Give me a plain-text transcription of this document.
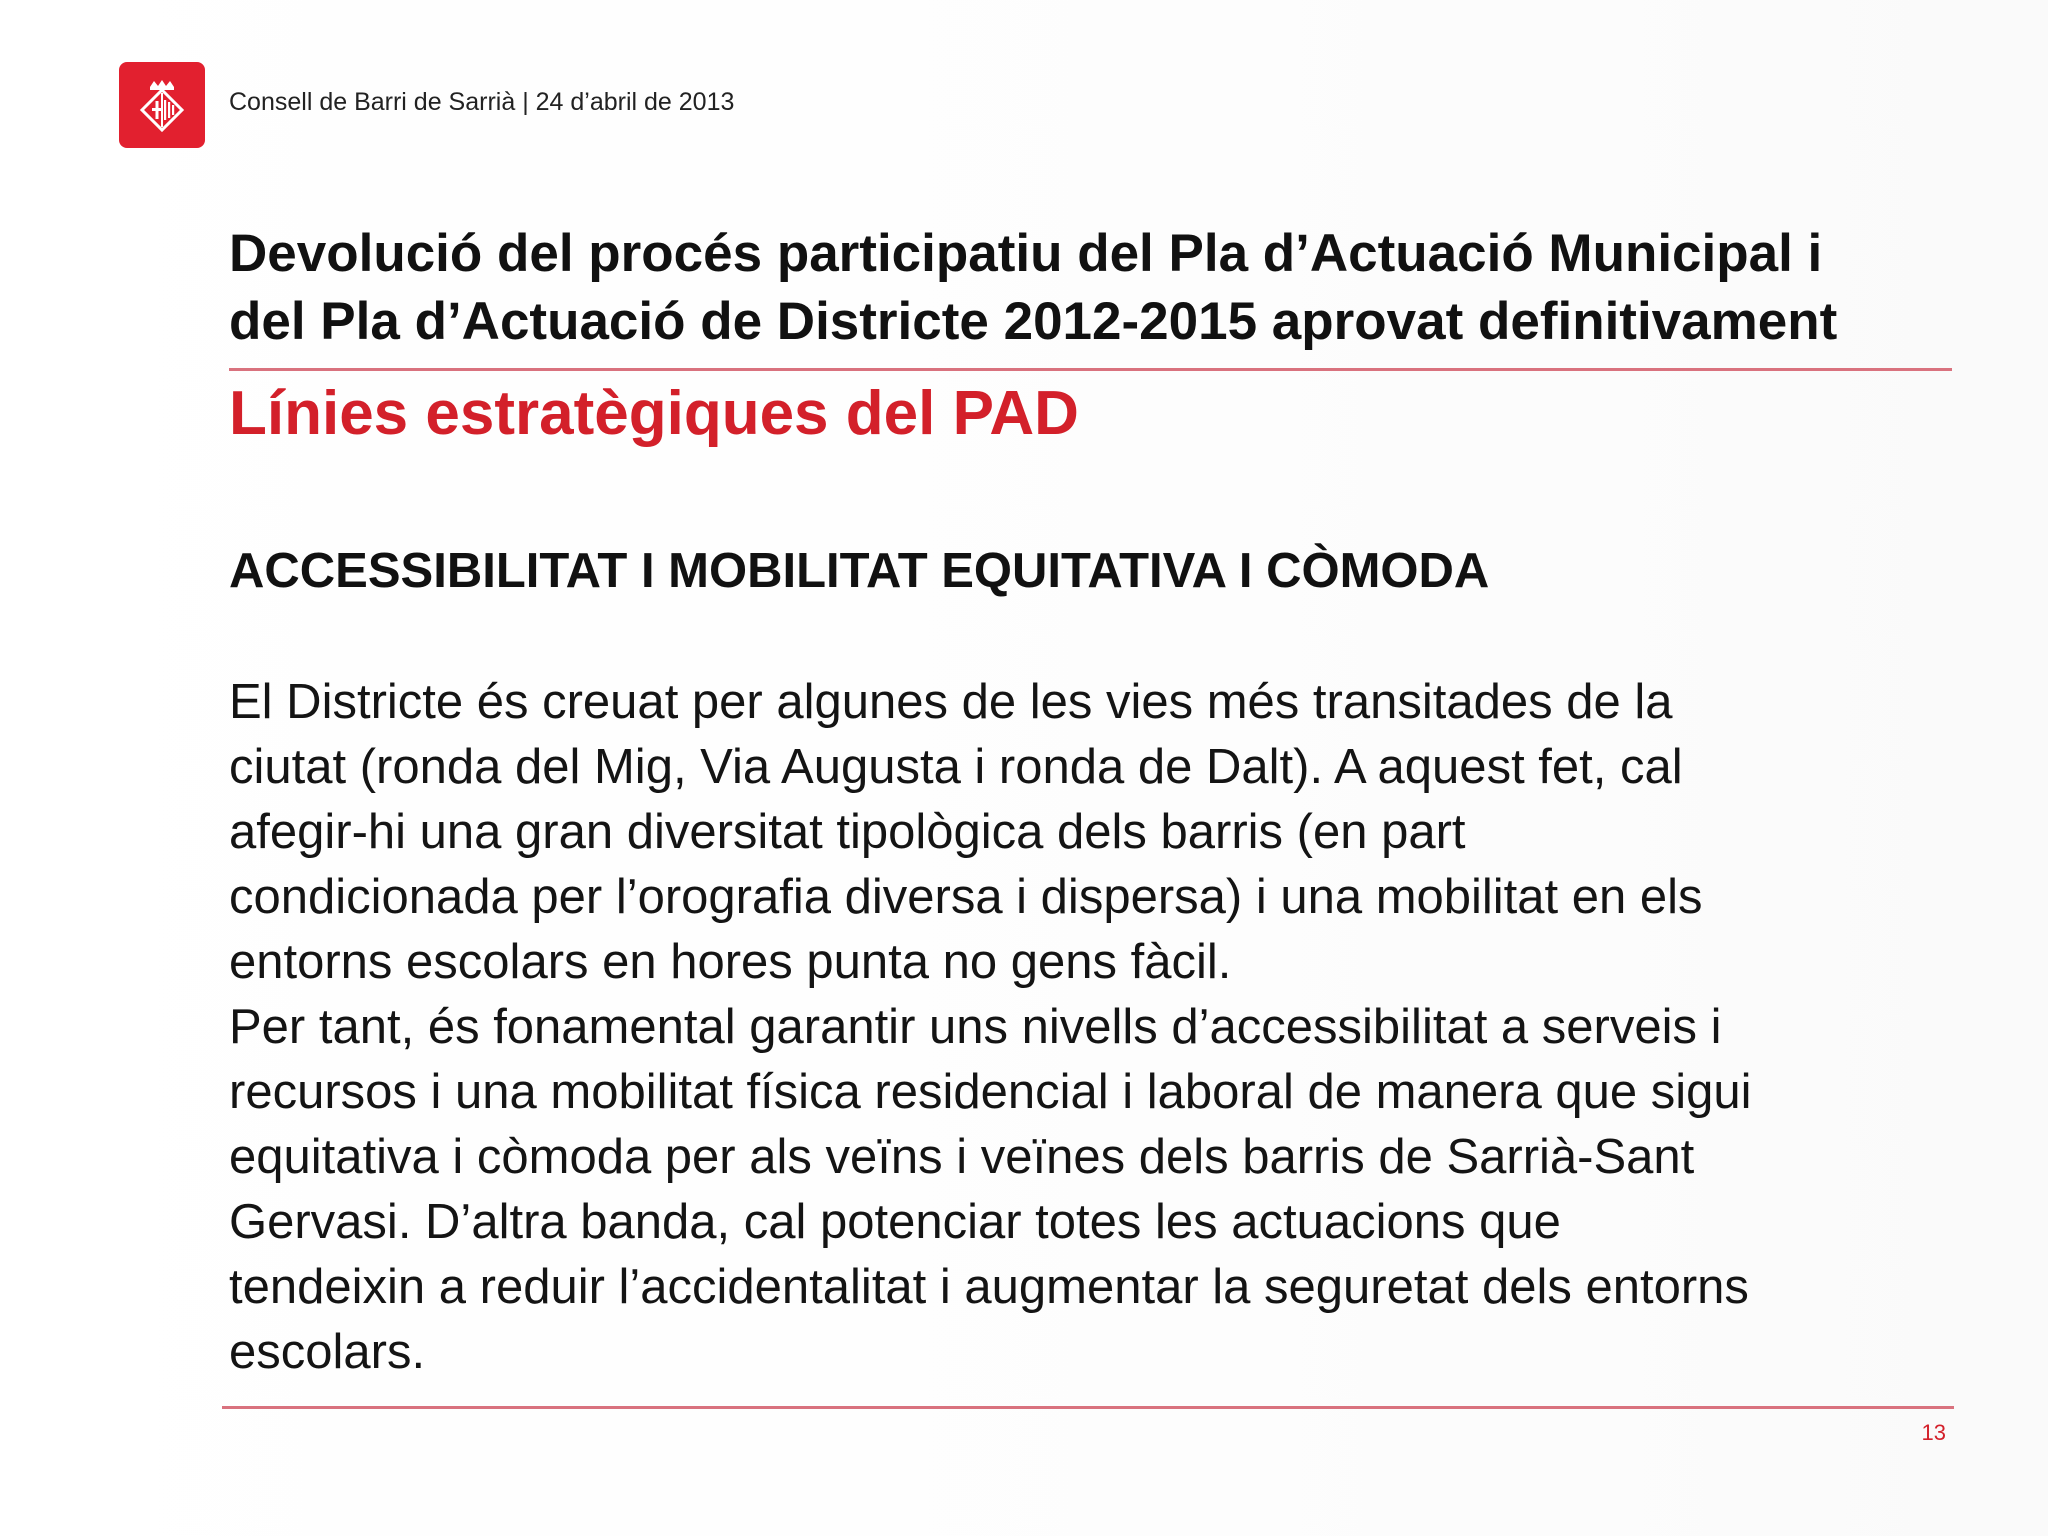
Consell de Barri de Sarrià | 24 d’abril de 2013
Devolució del procés participatiu del Pla d’Actuació Municipal i
del Pla d’Actuació de Districte 2012-2015 aprovat definitivament
Línies estratègiques del PAD
ACCESSIBILITAT I MOBILITAT EQUITATIVA I CÒMODA
El Districte és creuat per algunes de les vies més transitades de la
ciutat (ronda del Mig, Via Augusta i ronda de Dalt). A aquest fet, cal
afegir-hi una gran diversitat tipològica dels barris (en part
condicionada per l’orografia diversa i dispersa) i una mobilitat en els
entorns escolars en hores punta no gens fàcil.
Per tant, és fonamental garantir uns nivells d’accessibilitat a serveis i
recursos i una mobilitat física residencial i laboral de manera que sigui
equitativa i còmoda per als veïns i veïnes dels barris de Sarrià-Sant
Gervasi. D’altra banda, cal potenciar totes les actuacions que
tendeixin a reduir l’accidentalitat i augmentar la seguretat dels entorns
escolars.
13
